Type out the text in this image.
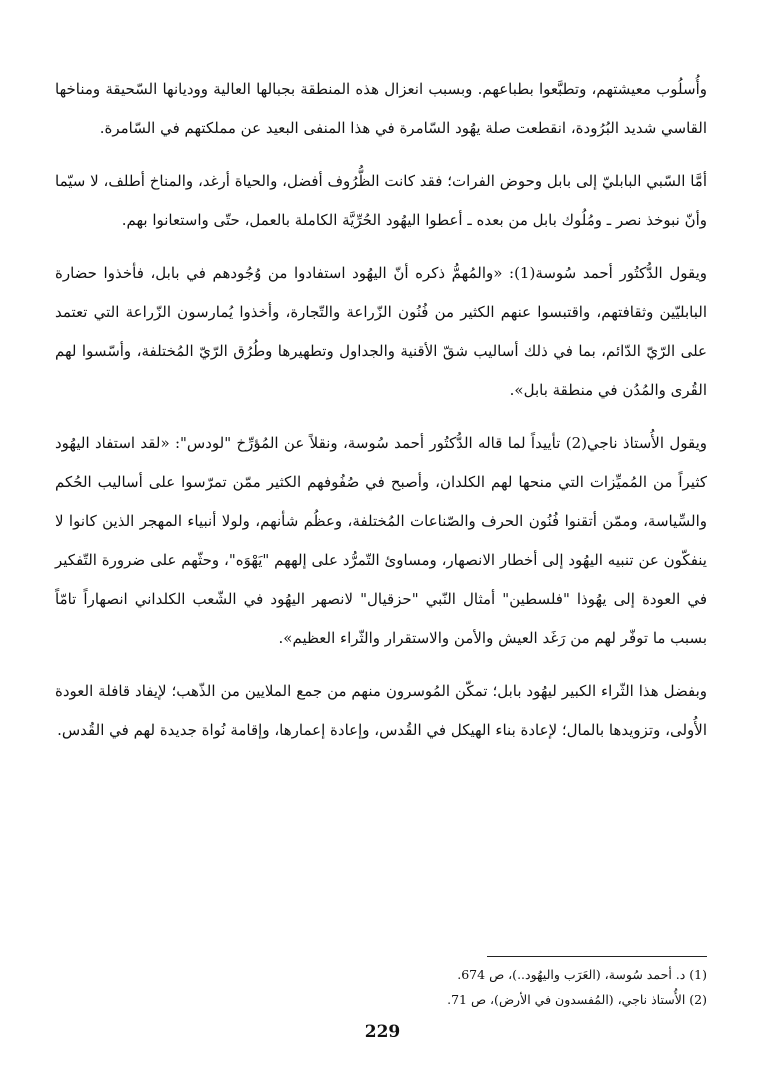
وأُسلُوب معيشتهم، وتطبَّعوا بطباعهم. وبسبب انعزال هذه المنطقة بجبالها العالية ووديانها السّحيقة ومناخها القاسي شديد البُرُودة، انقطعت صلة يهُود السّامرة في هذا المنفى البعيد عن مملكتهم في السّامرة.

أمَّا السّبي البابليّ إلى بابل وحوض الفرات؛ فقد كانت الظُّرُوف أفضل، والحياة أرغد، والمناخ أطلف، لا سيّما وأنّ نبوخذ نصر ـ ومُلُوك بابل من بعده ـ أعطوا اليهُود الحُرِّيَّة الكاملة بالعمل، حتّى واستعانوا بهم.

ويقول الدُّكتُور أحمد سُوسة(1): «والمُهمُّ ذكره أنّ اليهُود استفادوا من وُجُودهم في بابل، فأخذوا حضارة البابليّين وثقافتهم، واقتبسوا عنهم الكثير من فُنُون الزّراعة والتّجارة، وأخذوا يُمارسون الزّراعة التي تعتمد على الرّيّ الدّائم، بما في ذلك أساليب شقّ الأقنية والجداول وتطهيرها وطُرُق الرّيّ المُختلفة، وأسّسوا لهم القُرى والمُدُن في منطقة بابل».

ويقول الأُستاذ ناجي(2) تأييداً لما قاله الدُّكتُور أحمد سُوسة، ونقلاً عن المُؤرِّخ "لودس": «لقد استفاد اليهُود كثيراً من المُميِّزات التي منحها لهم الكلدان، وأصبح في صُفُوفهم الكثير ممّن تمرّسوا على أساليب الحُكم والسِّياسة، وممّن أتقنوا فُنُون الحرف والصّناعات المُختلفة، وعظُم شأنهم، ولولا أنبياء المهجر الذين كانوا لا ينفكّون عن تنبيه اليهُود إلى أخطار الانصهار، ومساوئ التّمرُّد على إلههم "يَهْوَه"، وحثّهم على ضرورة التّفكير في العودة إلى يهُوذا "فلسطين" أمثال النّبي "حزقيال" لانصهر اليهُود في الشّعب الكلداني انصهاراً تامّاً بسبب ما توفّر لهم من رَغَد العيش والأمن والاستقرار والثّراء العظيم».

وبفضل هذا الثّراء الكبير ليهُود بابل؛ تمكّن المُوسرون منهم من جمع الملايين من الذّهب؛ لإيفاد قافلة العودة الأُولى، وتزويدها بالمال؛ لإعادة بناء الهيكل في القُدس، وإعادة إعمارها، وإقامة نُواة جديدة لهم في القُدس.

(1) د. أحمد سُوسة، (العَرَب واليهُود..)، ص 674.

(2) الأُستاذ ناجي، (المُفسدون في الأرض)، ص 71.

229
